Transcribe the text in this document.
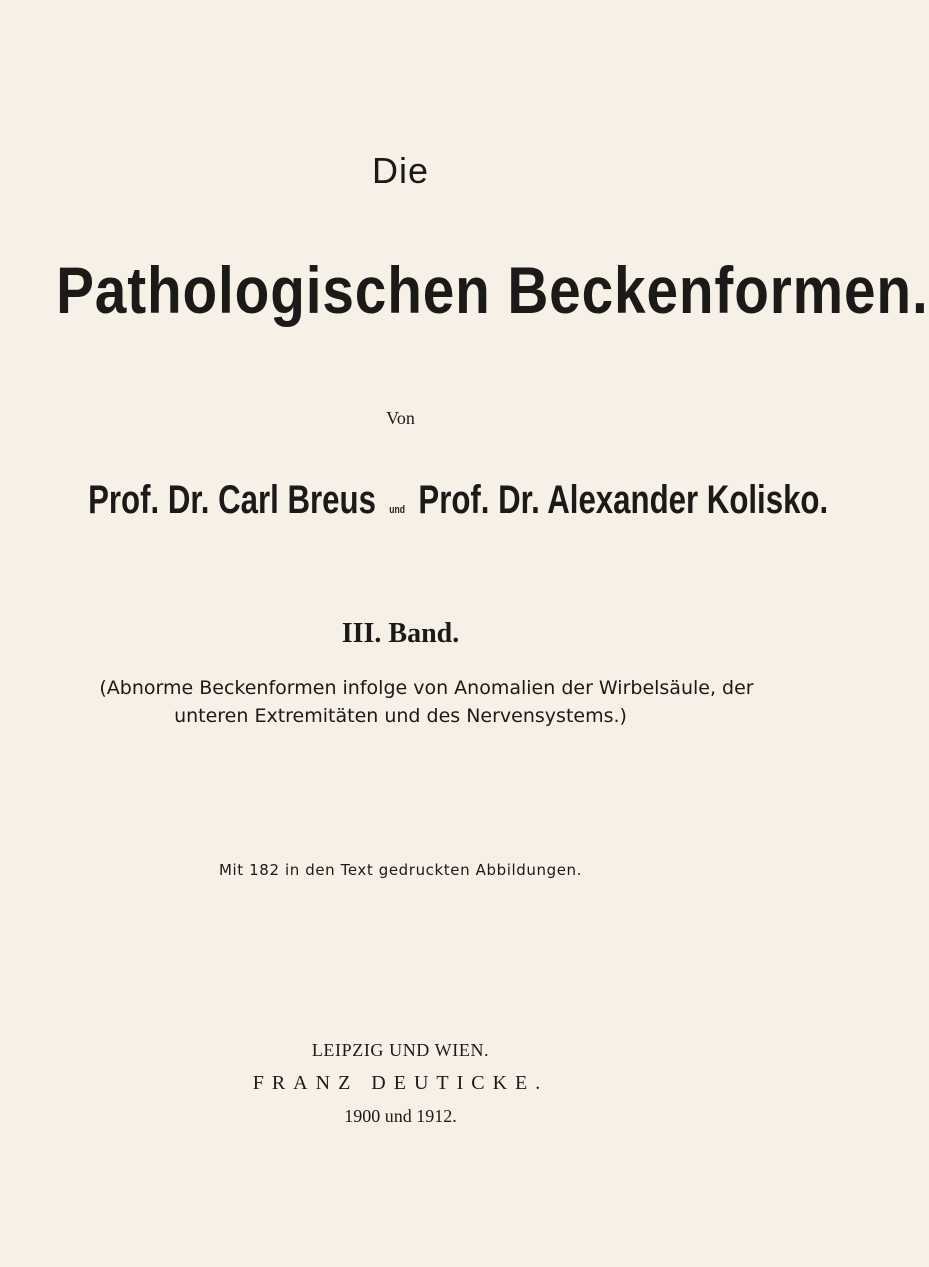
Die
Pathologischen Beckenformen.
Von
Prof. Dr. Carl Breus und Prof. Dr. Alexander Kolisko.
III. Band.
(Abnorme Beckenformen infolge von Anomalien der Wirbelsäule, der
unteren Extremitäten und des Nervensystems.)
Mit 182 in den Text gedruckten Abbildungen.
LEIPZIG UND WIEN.
FRANZ DEUTICKE.
1900 und 1912.
